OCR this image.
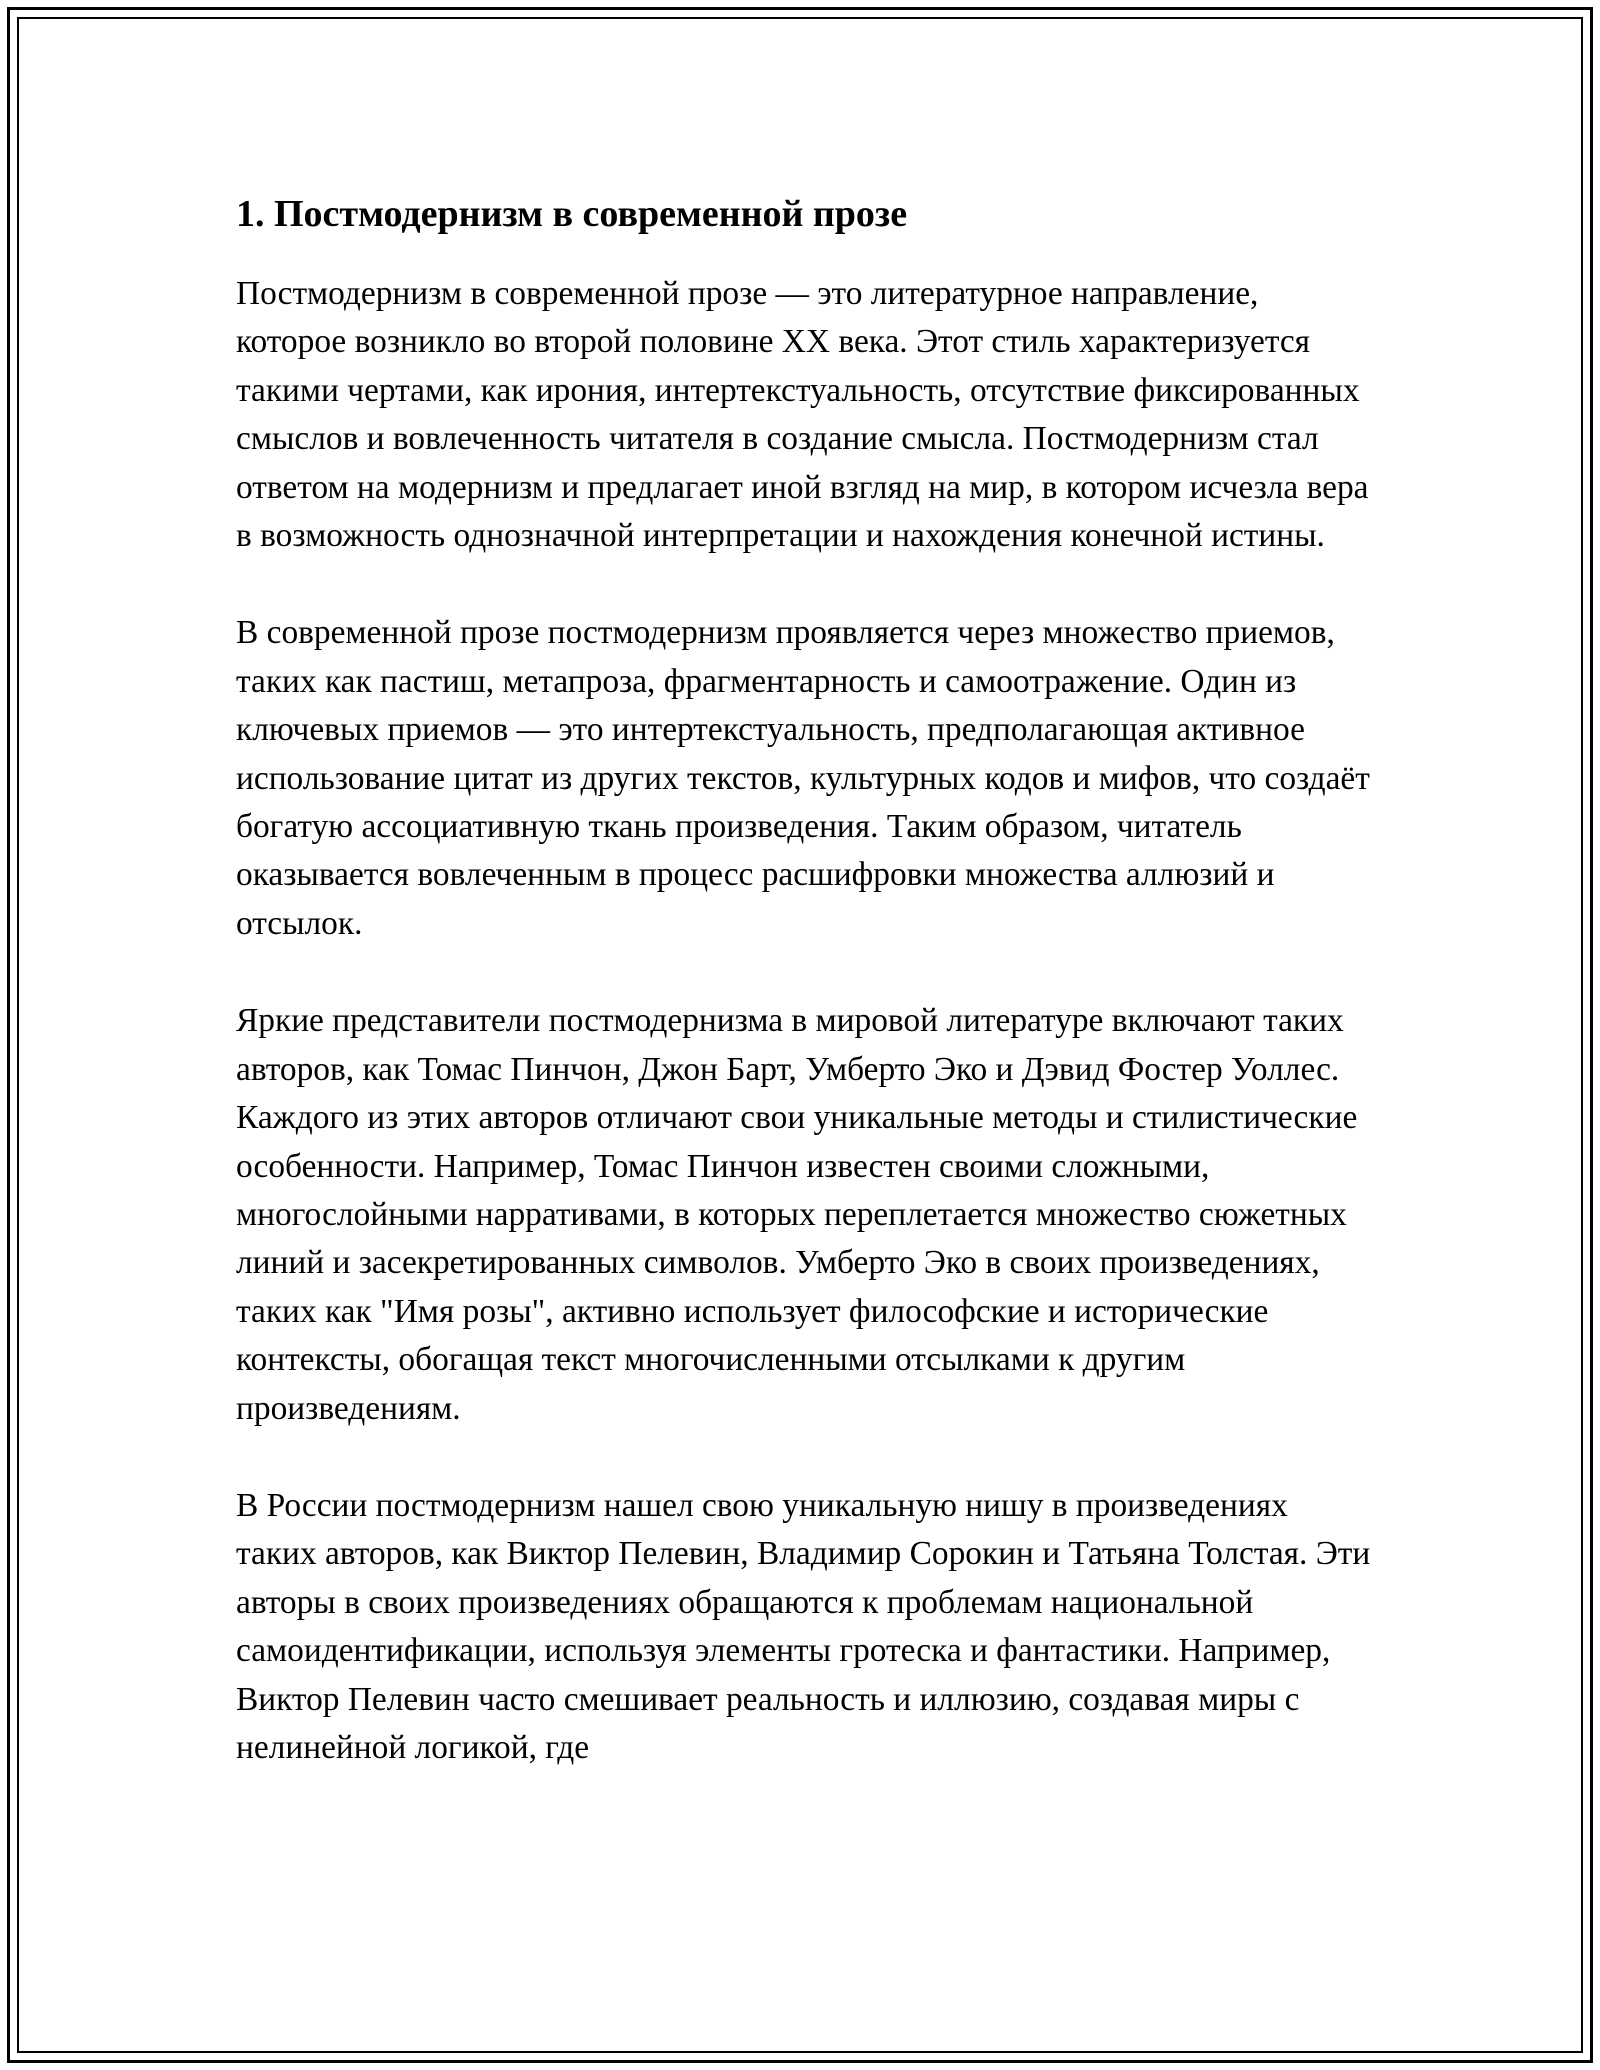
1. Постмодернизм в современной прозе

Постмодернизм в современной прозе — это литературное направление, которое возникло во второй половине XX века. Этот стиль характеризуется такими чертами, как ирония, интертекстуальность, отсутствие фиксированных смыслов и вовлеченность читателя в создание смысла. Постмодернизм стал ответом на модернизм и предлагает иной взгляд на мир, в котором исчезла вера в возможность однозначной интерпретации и нахождения конечной истины.

В современной прозе постмодернизм проявляется через множество приемов, таких как пастиш, метапроза, фрагментарность и самоотражение. Один из ключевых приемов — это интертекстуальность, предполагающая активное использование цитат из других текстов, культурных кодов и мифов, что создаёт богатую ассоциативную ткань произведения. Таким образом, читатель оказывается вовлеченным в процесс расшифровки множества аллюзий и отсылок.

Яркие представители постмодернизма в мировой литературе включают таких авторов, как Томас Пинчон, Джон Барт, Умберто Эко и Дэвид Фостер Уоллес. Каждого из этих авторов отличают свои уникальные методы и стилистические особенности. Например, Томас Пинчон известен своими сложными, многослойными нарративами, в которых переплетается множество сюжетных линий и засекретированных символов. Умберто Эко в своих произведениях, таких как "Имя розы", активно использует философские и исторические контексты, обогащая текст многочисленными отсылками к другим произведениям.

В России постмодернизм нашел свою уникальную нишу в произведениях таких авторов, как Виктор Пелевин, Владимир Сорокин и Татьяна Толстая. Эти авторы в своих произведениях обращаются к проблемам национальной самоидентификации, используя элементы гротеска и фантастики. Например, Виктор Пелевин часто смешивает реальность и иллюзию, создавая миры с нелинейной логикой, где
